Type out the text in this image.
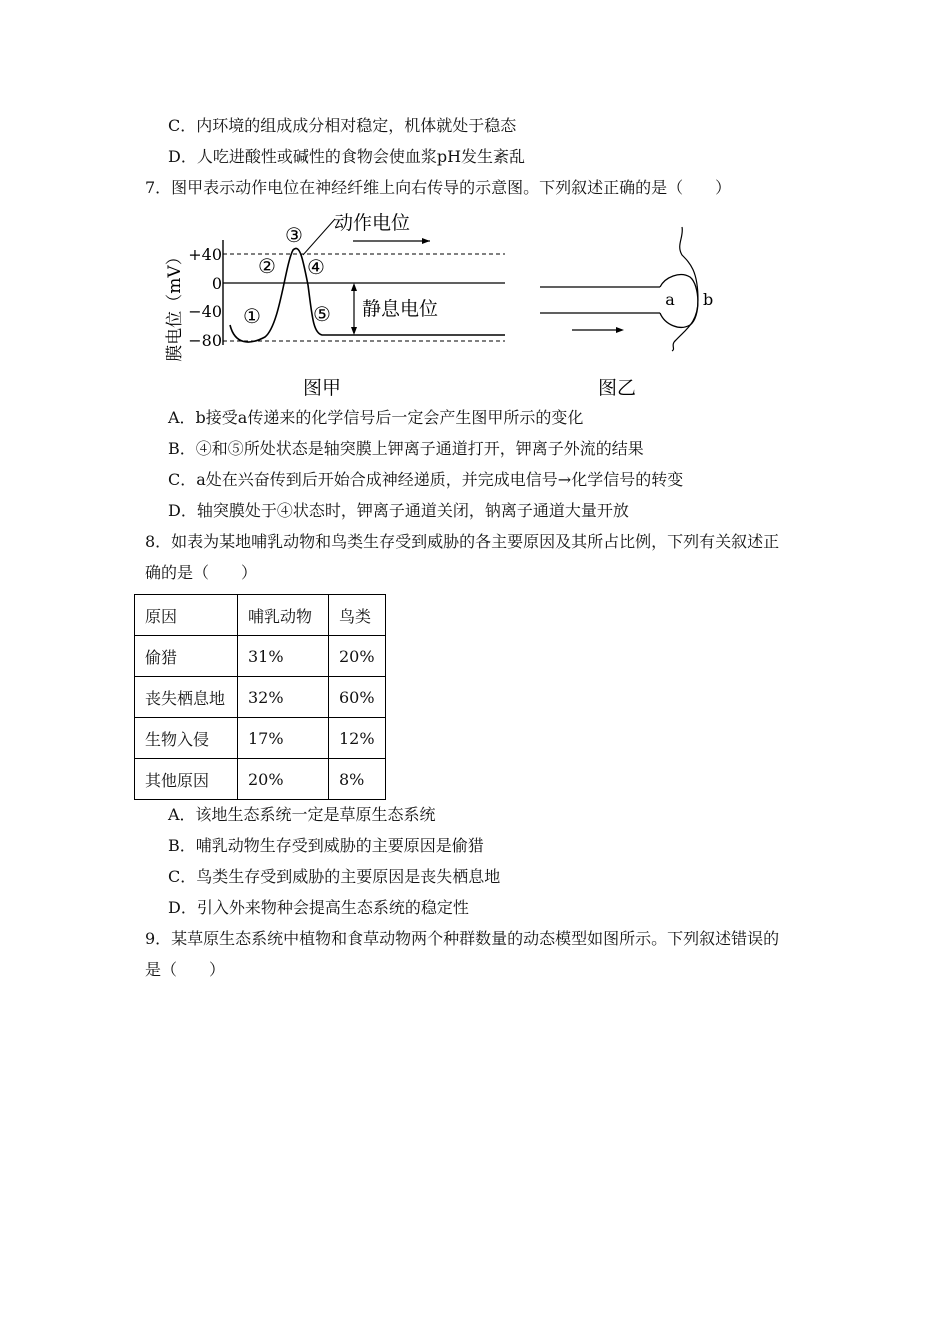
C．内环境的组成成分相对稳定，机体就处于稳态
D．人吃进酸性或碱性的食物会使血浆pH发生紊乱
7．图甲表示动作电位在神经纤维上向右传导的示意图。下列叙述正确的是（　　）
膜电位（mV） +40
0
−40
−80
①
②
③
④
⑤
动作电位
静息电位
图甲
a b
图乙
A．b接受a传递来的化学信号后一定会产生图甲所示的变化
B．④和⑤所处状态是轴突膜上钾离子通道打开，钾离子外流的结果
C．a处在兴奋传到后开始合成神经递质，并完成电信号→化学信号的转变
D．轴突膜处于④状态时，钾离子通道关闭，钠离子通道大量开放
8．如表为某地哺乳动物和鸟类生存受到威胁的各主要原因及其所占比例，下列有关叙述正
确的是（　　）
原因	哺乳动物	鸟类
偷猎	31%	20%
丧失栖息地	32%	60%
生物入侵	17%	12%
其他原因	20%	8%
A．该地生态系统一定是草原生态系统
B．哺乳动物生存受到威胁的主要原因是偷猎
C．鸟类生存受到威胁的主要原因是丧失栖息地
D．引入外来物种会提高生态系统的稳定性
9．某草原生态系统中植物和食草动物两个种群数量的动态模型如图所示。下列叙述错误的
是（　　）
